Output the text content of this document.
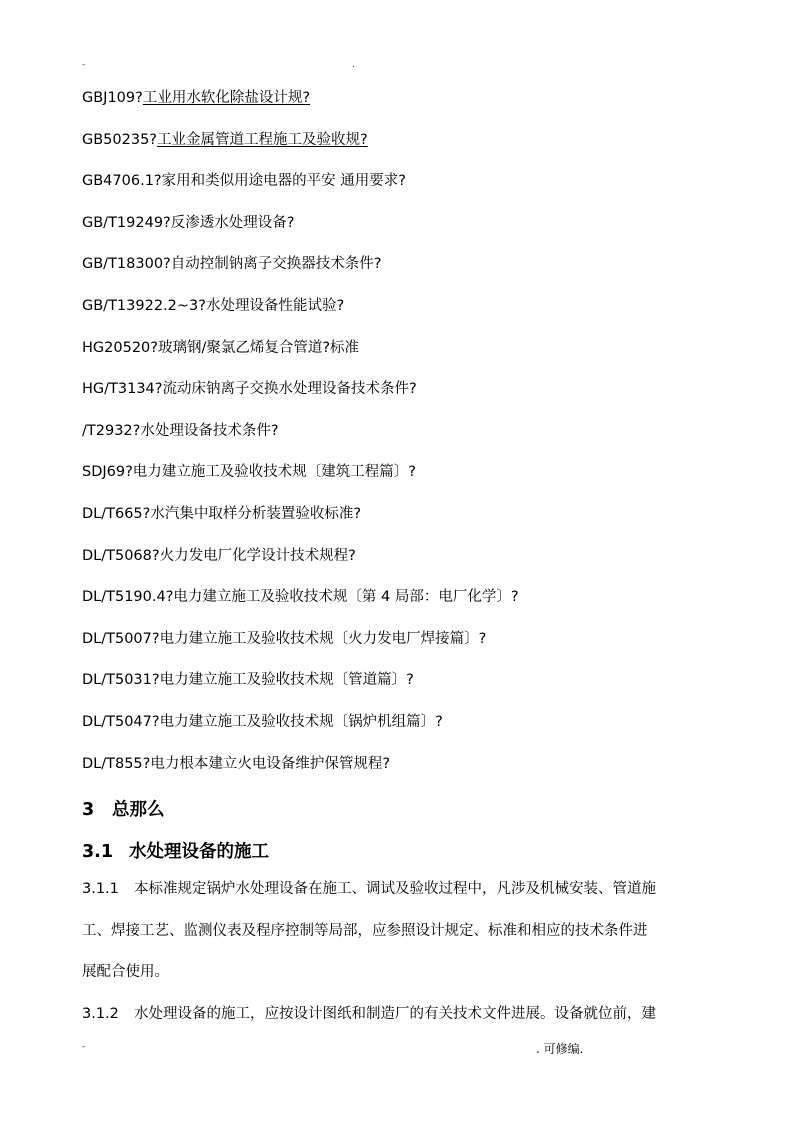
-	.
GBJ109?工业用水软化除盐设计规?
GB50235?工业金属管道工程施工及验收规?
GB4706.1?家用和类似用途电器的平安 通用要求?
GB/T19249?反渗透水处理设备?
GB/T18300?自动控制钠离子交换器技术条件?
GB/T13922.2~3?水处理设备性能试验?
HG20520?玻璃钢/聚氯乙烯复合管道?标准
HG/T3134?流动床钠离子交换水处理设备技术条件?
/T2932?水处理设备技术条件?
SDJ69?电力建立施工及验收技术规〔建筑工程篇〕?
DL/T665?水汽集中取样分析装置验收标准?
DL/T5068?火力发电厂化学设计技术规程?
DL/T5190.4?电力建立施工及验收技术规〔第 4 局部：电厂化学〕?
DL/T5007?电力建立施工及验收技术规〔火力发电厂焊接篇〕?
DL/T5031?电力建立施工及验收技术规〔管道篇〕?
DL/T5047?电力建立施工及验收技术规〔锅炉机组篇〕?
DL/T855?电力根本建立火电设备维护保管规程?
3 总那么
3.1 水处理设备的施工
3.1.1 本标准规定锅炉水处理设备在施工、调试及验收过程中，凡涉及机械安装、管道施
工、焊接工艺、监测仪表及程序控制等局部，应参照设计规定、标准和相应的技术条件进
展配合使用。
3.1.2 水处理设备的施工，应按设计图纸和制造厂的有关技术文件进展。设备就位前，建
-	. 可修编.
